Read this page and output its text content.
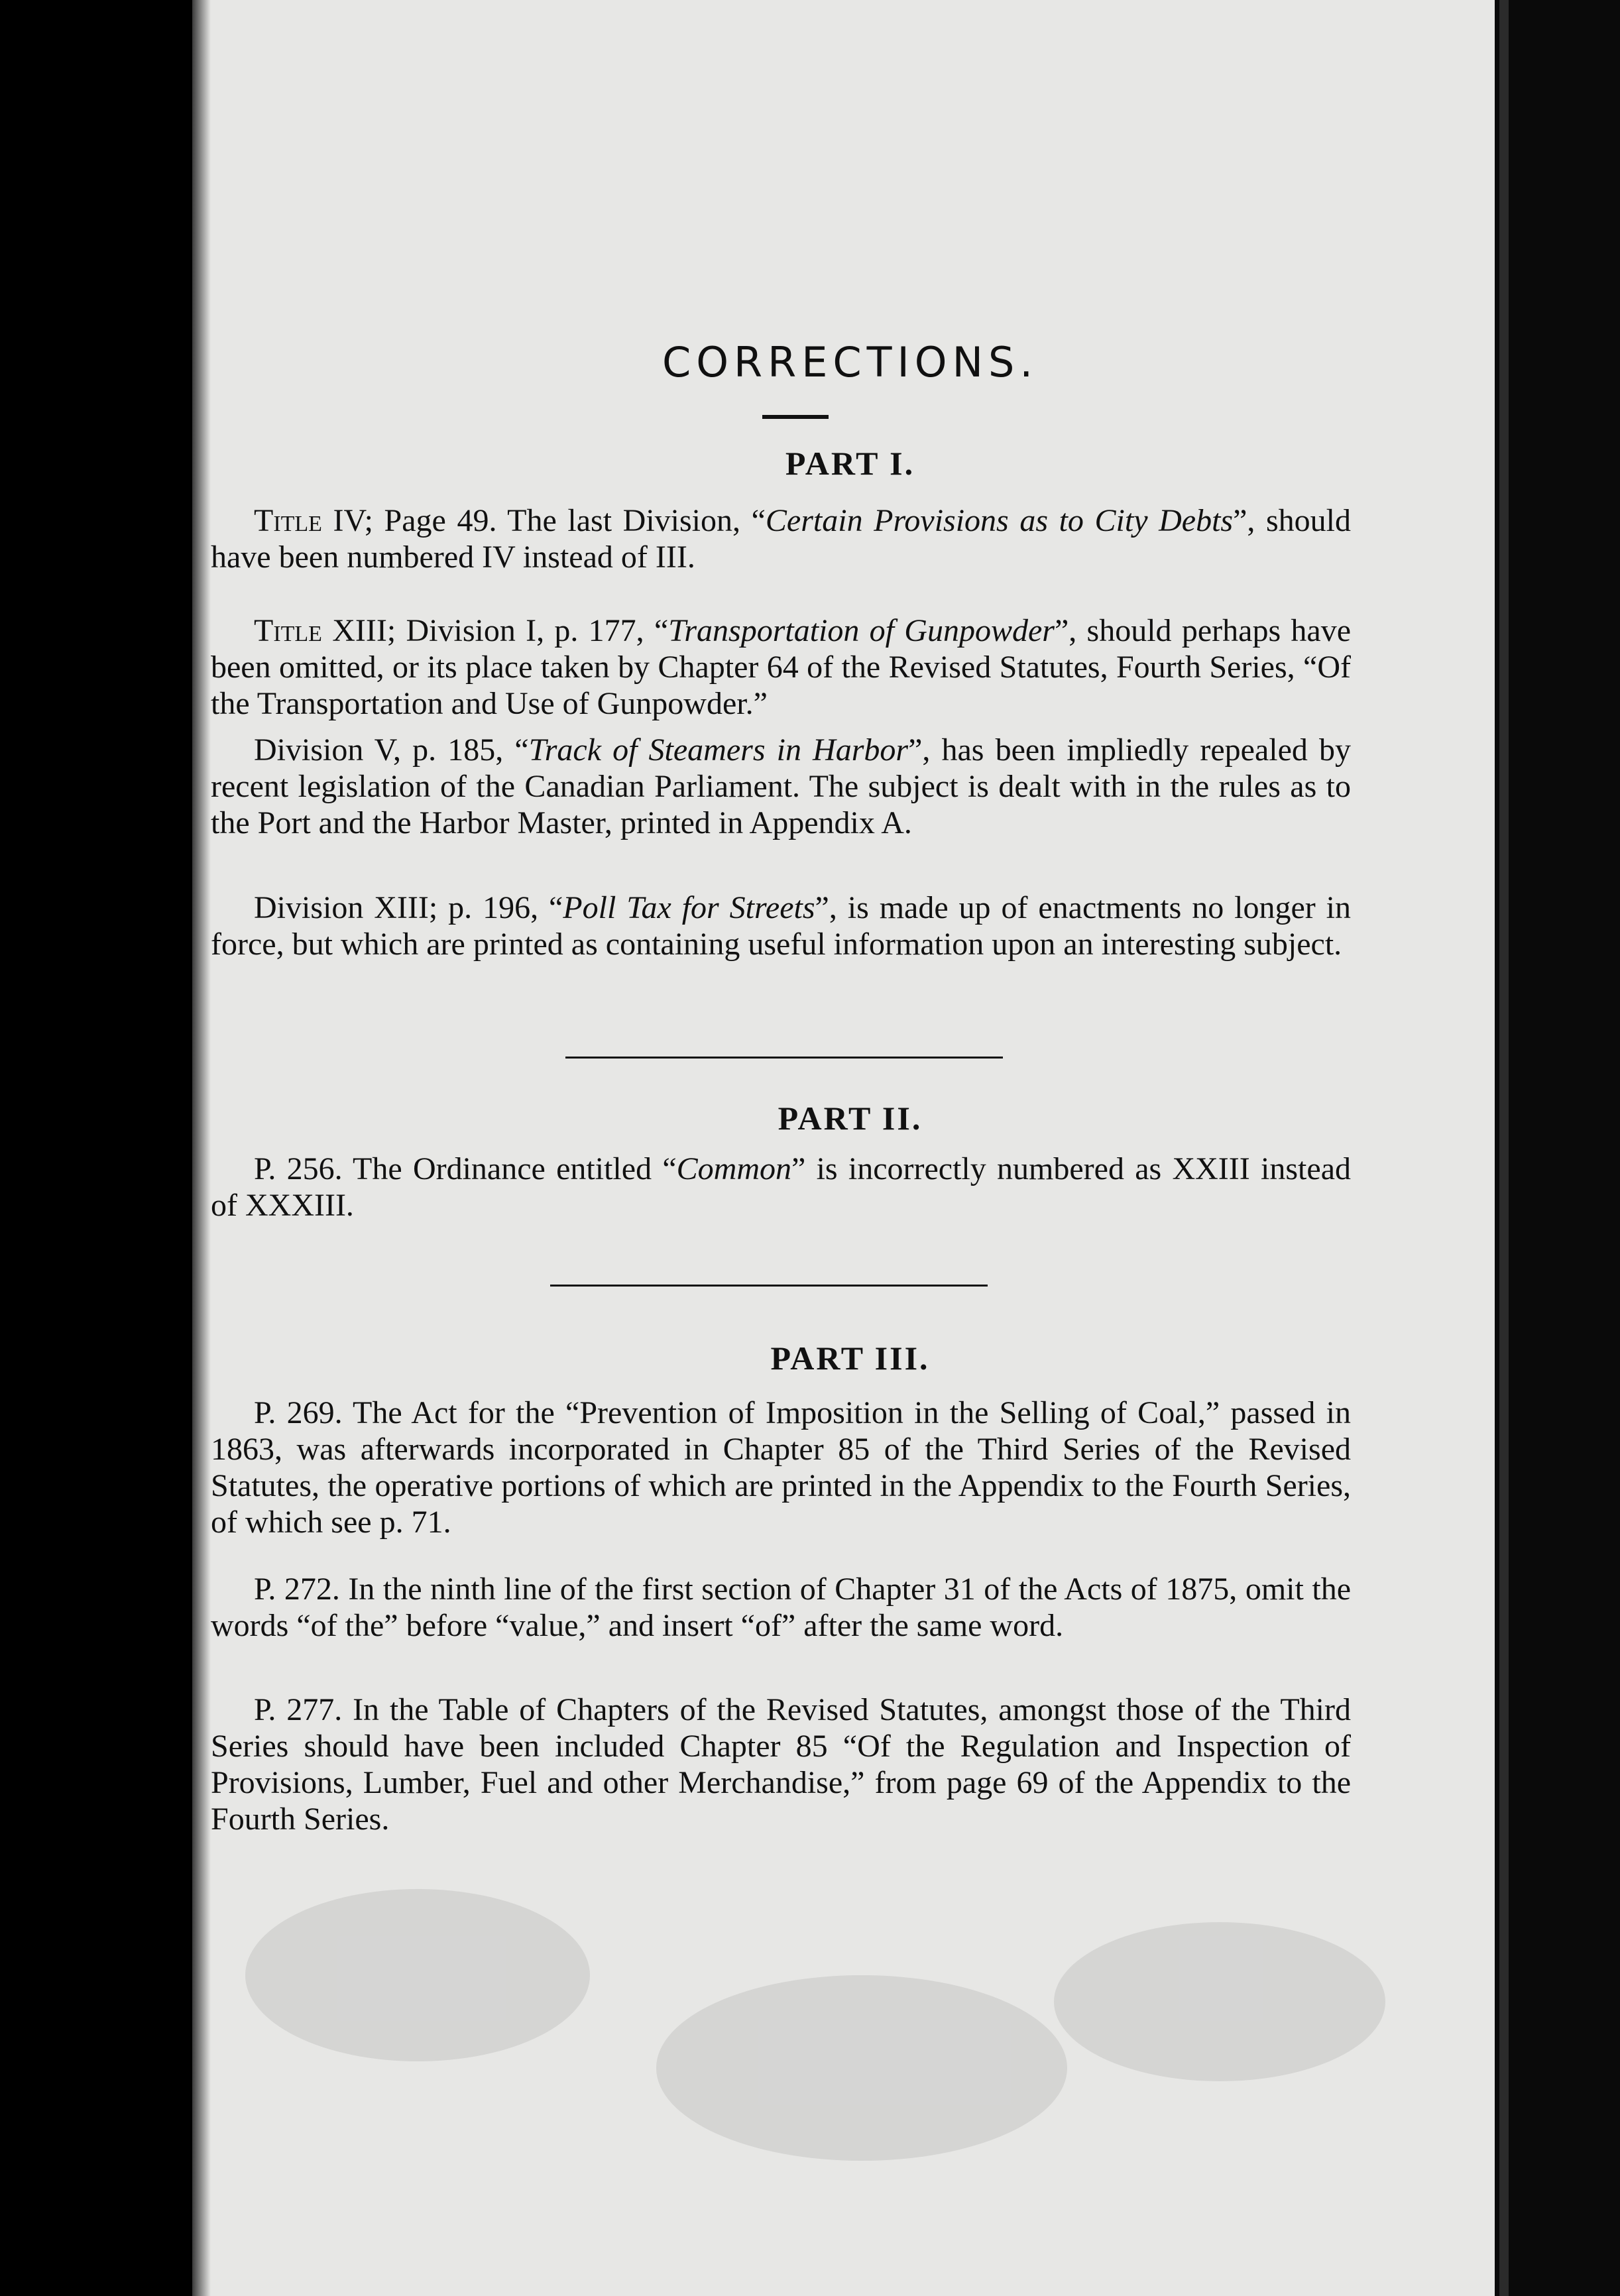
CORRECTIONS.
PART I.
Title IV; Page 49. The last Division, “Certain Provisions as to City Debts”, should have been numbered IV instead of III.
Title XIII; Division I, p. 177, “Transportation of Gunpowder”, should perhaps have been omitted, or its place taken by Chapter 64 of the Revised Statutes, Fourth Series, “Of the Transportation and Use of Gunpowder.”
Division V, p. 185, “Track of Steamers in Harbor”, has been impliedly repealed by recent legislation of the Canadian Parliament. The subject is dealt with in the rules as to the Port and the Harbor Master, printed in Appendix A.
Division XIII; p. 196, “Poll Tax for Streets”, is made up of enactments no longer in force, but which are printed as containing useful information upon an interesting subject.
PART II.
P. 256. The Ordinance entitled “Common” is incorrectly numbered as XXIII instead of XXXIII.
PART III.
P. 269. The Act for the “Prevention of Imposition in the Selling of Coal,” passed in 1863, was afterwards incorporated in Chapter 85 of the Third Series of the Revised Statutes, the operative portions of which are printed in the Appendix to the Fourth Series, of which see p. 71.
P. 272. In the ninth line of the first section of Chapter 31 of the Acts of 1875, omit the words “of the” before “value,” and insert “of” after the same word.
P. 277. In the Table of Chapters of the Revised Statutes, amongst those of the Third Series should have been included Chapter 85 “Of the Regulation and Inspection of Provisions, Lumber, Fuel and other Merchandise,” from page 69 of the Appendix to the Fourth Series.
